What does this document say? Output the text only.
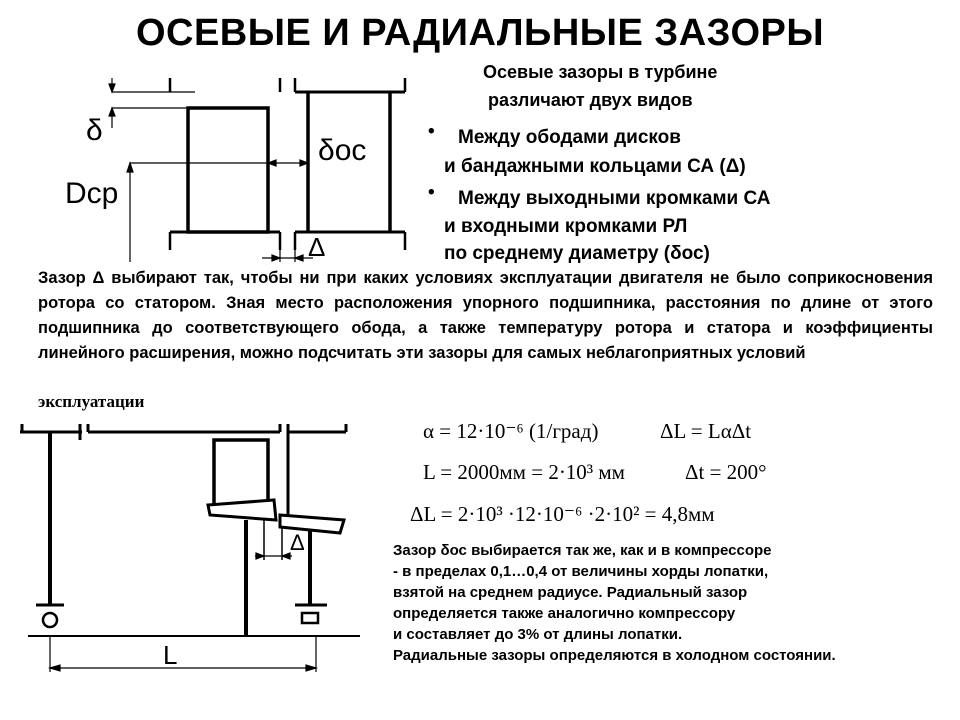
ОСЕВЫЕ И РАДИАЛЬНЫЕ ЗАЗОРЫ
Осевые зазоры в турбине
различают двух видов
• Между ободами дисков
и бандажными кольцами СА (Δ)
• Между выходными кромками СА
и входными кромками РЛ
по среднему диаметру (δос)
δ
Dср
δос
Δ
Δ
L
Зазор Δ выбирают так, чтобы ни при каких условиях эксплуатации двигателя не было соприкосновения ротора со статором. Зная место расположения упорного подшипника, расстояния по длине от этого подшипника до соответствующего обода, а также температуру ротора и статора и коэффициенты линейного расширения, можно подсчитать эти зазоры для самых неблагоприятных условий
эксплуатации
α = 12·10⁻⁶ (1/град)	ΔL = LαΔt
L = 2000мм = 2·10³ мм	Δt = 200°
ΔL = 2·10³ ·12·10⁻⁶ ·2·10² = 4,8мм
Зазор δос выбирается так же, как и в компрессоре
- в пределах 0,1…0,4 от величины хорды лопатки,
взятой на среднем радиусе. Радиальный зазор
определяется также аналогично компрессору
и составляет до 3% от длины лопатки.
Радиальные зазоры определяются в холодном состоянии.
